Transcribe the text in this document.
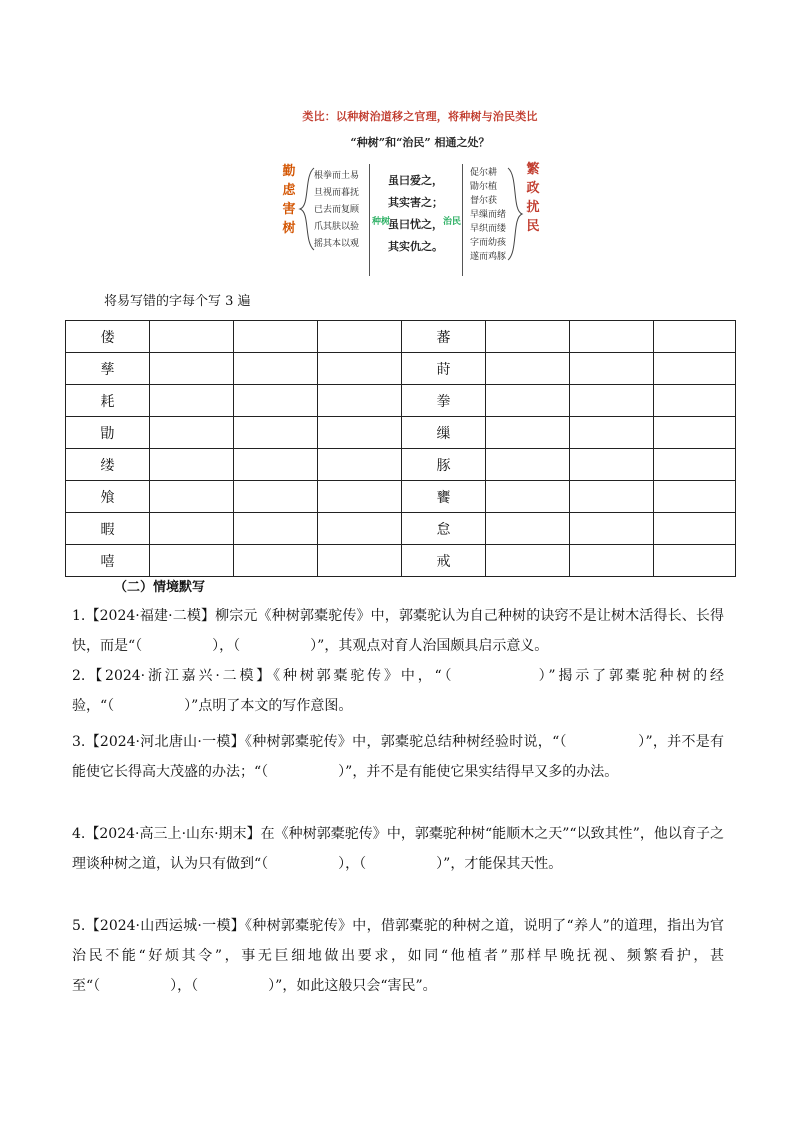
类比：以种树治道移之官理，将种树与治民类比
“种树”和“治民” 相通之处？
勤
虑
害
树
根拳而土易
旦视而暮抚
已去而复顾
爪其肤以验
摇其本以观
种树
虽曰爱之，
其实害之；
虽曰忧之，
其实仇之。
治民
促尔耕
勖尔植
督尔获
早缫而绪
早织而缕
字而幼孩
遂而鸡豚
繁
政
扰
民
将易写错的字每个写 3 遍
偻				蕃			
孳				莳			
耗				拳			
勖				缫			
缕				豚			
飧				饔			
暇				怠			
嘻				戒			
（二）情境默写
1.【2024·福建·二模】柳宗元《种树郭橐驼传》中，郭橐驼认为自己种树的诀窍不是让树木活得长、长得快，而是“（　　　　　），（　　　　　）”，其观点对育人治国颇具启示意义。
2.【2024·浙江嘉兴·二模】《种树郭橐驼传》中，“（　　　　　）”揭示了郭橐驼种树的经验，“（　　　　　）”点明了本文的写作意图。
3.【2024·河北唐山·一模】《种树郭橐驼传》中，郭橐驼总结种树经验时说，“（　　　　　）”，并不是有能使它长得高大茂盛的办法；“（　　　　　）”，并不是有能使它果实结得早又多的办法。
4.【2024·高三上·山东·期末】在《种树郭橐驼传》中，郭橐驼种树“能顺木之天”“以致其性”，他以育子之理谈种树之道，认为只有做到“（　　　　　），（　　　　　）”，才能保其天性。
5.【2024·山西运城·一模】《种树郭橐驼传》中，借郭橐驼的种树之道，说明了“养人”的道理，指出为官治民不能“好烦其令”，事无巨细地做出要求，如同“他植者”那样早晚抚视、频繁看护，甚至“（　　　　　），（　　　　　）”，如此这般只会“害民”。
